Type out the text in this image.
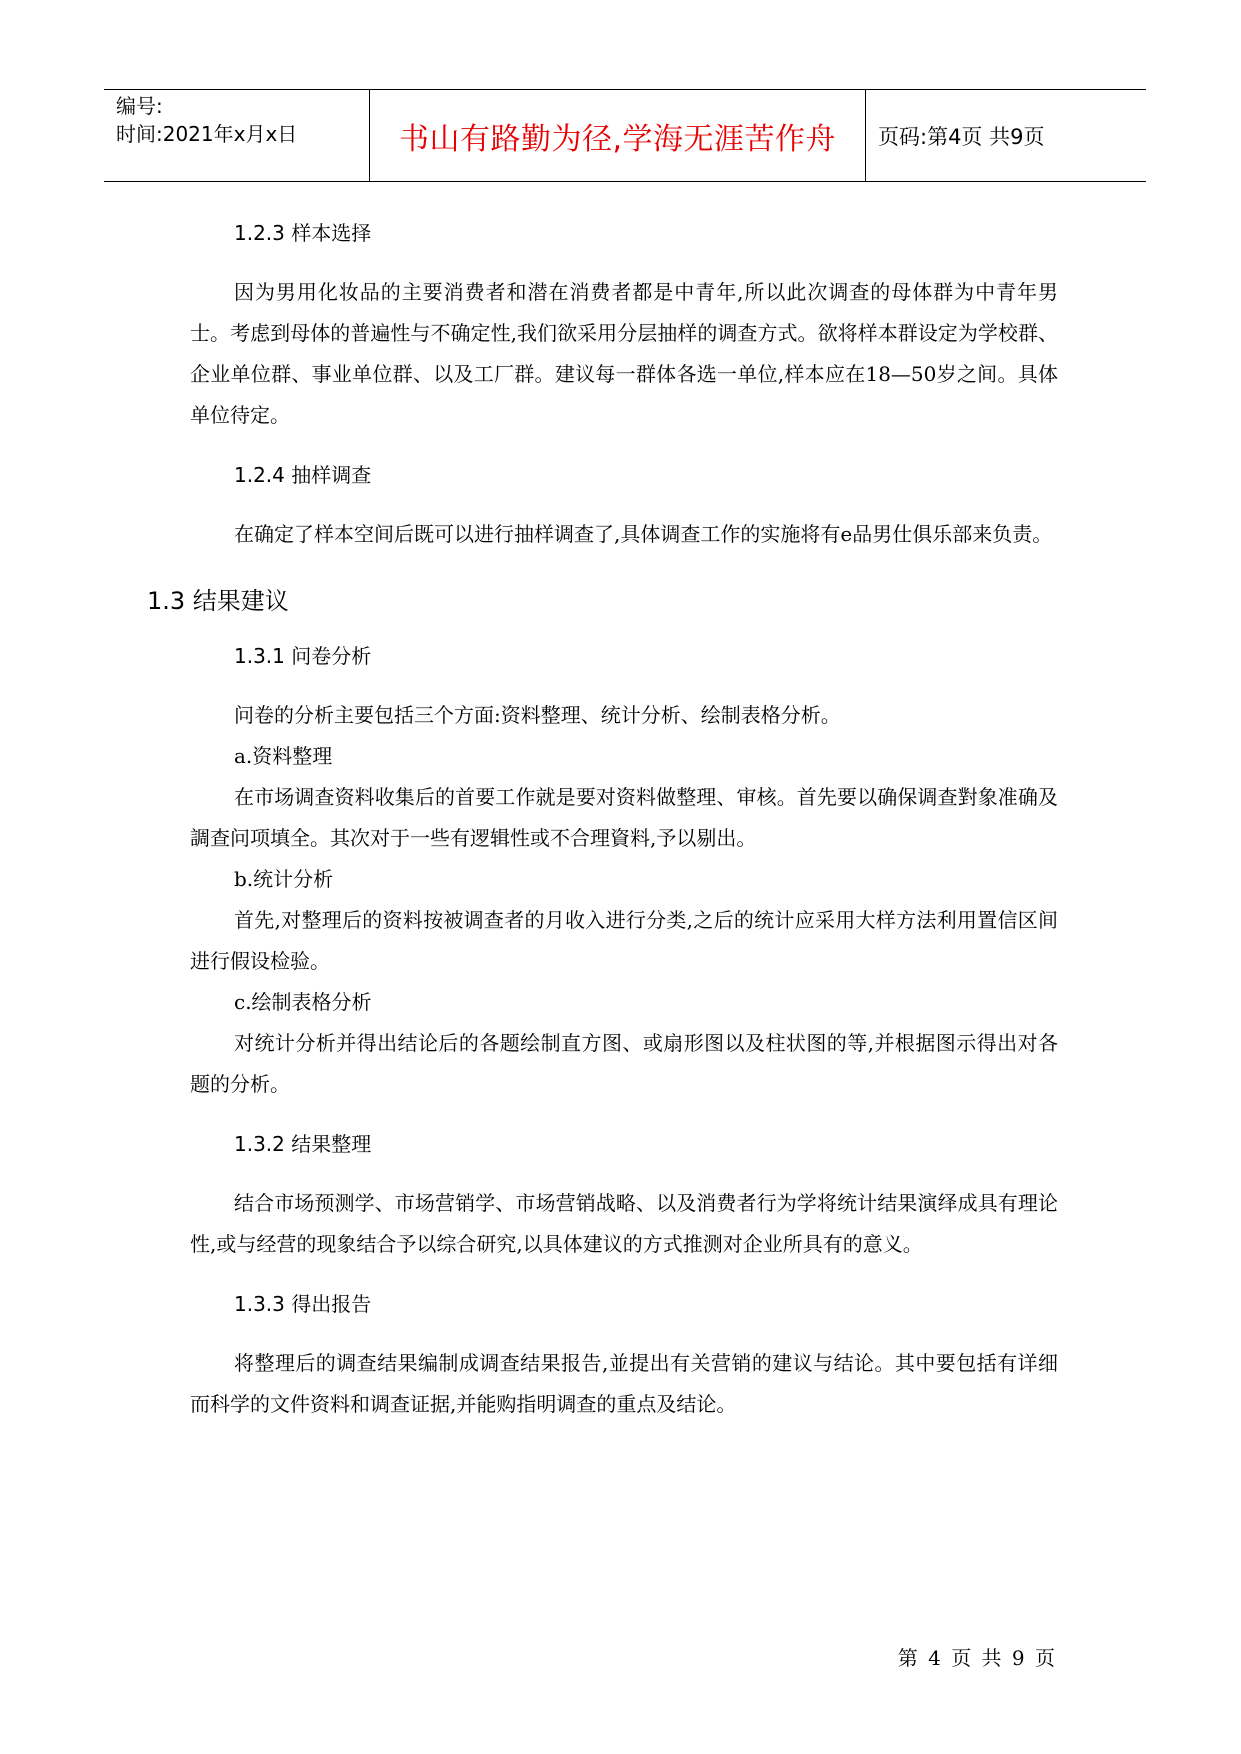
编号:
时间:2021年x月x日	书山有路勤为径,学海无涯苦作舟	页码:第4页 共9页
1.2.3 样本选择

因为男用化妆品的主要消费者和潜在消费者都是中青年,所以此次调查的母体群为中青年男士。考虑到母体的普遍性与不确定性,我们欲采用分层抽样的调查方式。欲将样本群设定为学校群、企业单位群、事业单位群、以及工厂群。建议每一群体各选一单位,样本应在18—50岁之间。具体单位待定。

1.2.4 抽样调查

在确定了样本空间后既可以进行抽样调查了,具体调查工作的实施将有e品男仕俱乐部来负责。

1.3 结果建议
1.3.1 问卷分析

问卷的分析主要包括三个方面:资料整理、统计分析、绘制表格分析。

a.资料整理

在市场调查资料收集后的首要工作就是要对资料做整理、审核。首先要以确保调查對象准确及調查问项填全。其次对于一些有逻辑性或不合理資料,予以剔出。

b.统计分析

首先,对整理后的资料按被调查者的月收入进行分类,之后的统计应采用大样方法利用置信区间进行假设检验。

c.绘制表格分析

对统计分析并得出结论后的各题绘制直方图、或扇形图以及柱状图的等,并根据图示得出对各题的分析。

1.3.2 结果整理

结合市场预测学、市场营销学、市场营销战略、以及消费者行为学将统计结果演绎成具有理论性,或与经营的现象结合予以综合研究,以具体建议的方式推测对企业所具有的意义。

1.3.3 得出报告

将整理后的调查结果编制成调查结果报告,並提出有关营销的建议与结论。其中要包括有详细而科学的文件资料和调查证据,并能购指明调查的重点及结论。

第 4 页 共 9 页
